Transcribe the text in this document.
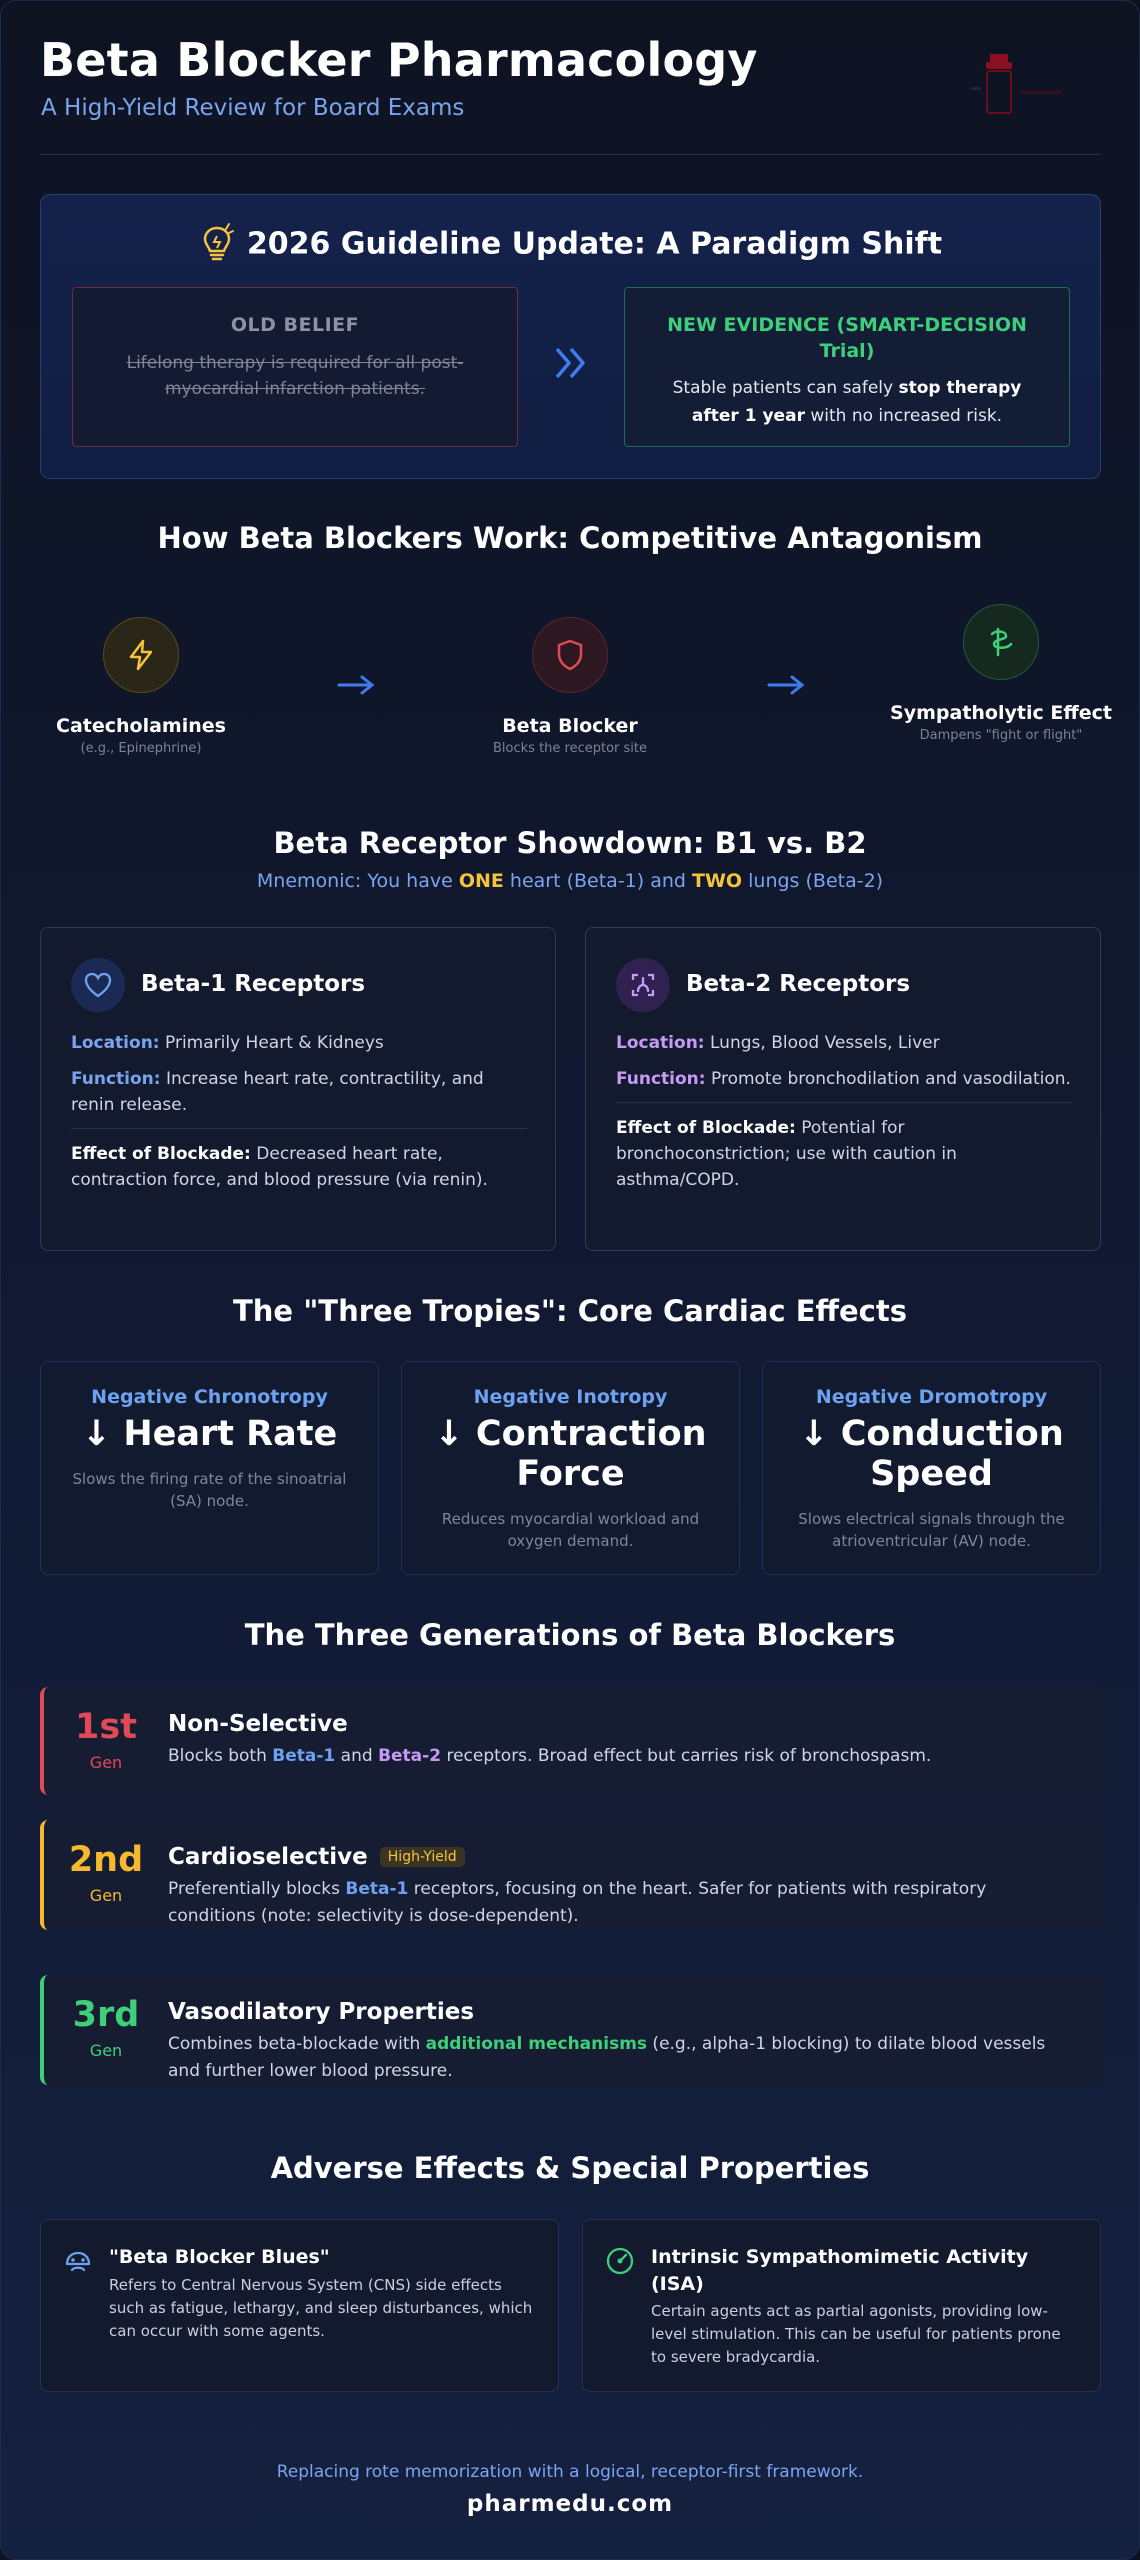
Beta Blocker Pharmacology

A High-Yield Review for Board Exams

2026 Guideline Update: A Paradigm Shift
OLD BELIEF
Lifelong therapy is required for all post-myocardial infarction patients.
NEW EVIDENCE (SMART-DECISION Trial)
Stable patients can safely stop therapy after 1 year with no increased risk.
How Beta Blockers Work: Competitive Antagonism
Catecholamines
(e.g., Epinephrine)
Beta Blocker
Blocks the receptor site
Sympatholytic Effect
Dampens "fight or flight"
Beta Receptor Showdown: B1 vs. B2
Mnemonic: You have ONE heart (Beta-1) and TWO lungs (Beta-2)
Beta-1 Receptors

Location: Primarily Heart & Kidneys

Function: Increase heart rate, contractility, and renin release.

Effect of Blockade: Decreased heart rate, contraction force, and blood pressure (via renin).

Beta-2 Receptors

Location: Lungs, Blood Vessels, Liver

Function: Promote bronchodilation and vasodilation.

Effect of Blockade: Potential for bronchoconstriction; use with caution in asthma/COPD.

The "Three Tropies": Core Cardiac Effects
Negative Chronotropy
↓ Heart Rate
Slows the firing rate of the sinoatrial (SA) node.
Negative Inotropy
↓ Contraction Force
Reduces myocardial workload and oxygen demand.
Negative Dromotropy
↓ Conduction Speed
Slows electrical signals through the atrioventricular (AV) node.
The Three Generations of Beta Blockers
1st
Gen
Non-Selective
Blocks both Beta-1 and Beta-2 receptors. Broad effect but carries risk of bronchospasm.
2nd
Gen
Cardioselective High-Yield
Preferentially blocks Beta-1 receptors, focusing on the heart. Safer for patients with respiratory conditions (note: selectivity is dose-dependent).
3rd
Gen
Vasodilatory Properties
Combines beta-blockade with additional mechanisms (e.g., alpha-1 blocking) to dilate blood vessels and further lower blood pressure.
Adverse Effects & Special Properties
"Beta Blocker Blues"
Refers to Central Nervous System (CNS) side effects such as fatigue, lethargy, and sleep disturbances, which can occur with some agents.
Intrinsic Sympathomimetic Activity (ISA)
Certain agents act as partial agonists, providing low-level stimulation. This can be useful for patients prone to severe bradycardia.
Replacing rote memorization with a logical, receptor-first framework.
pharmedu.com
